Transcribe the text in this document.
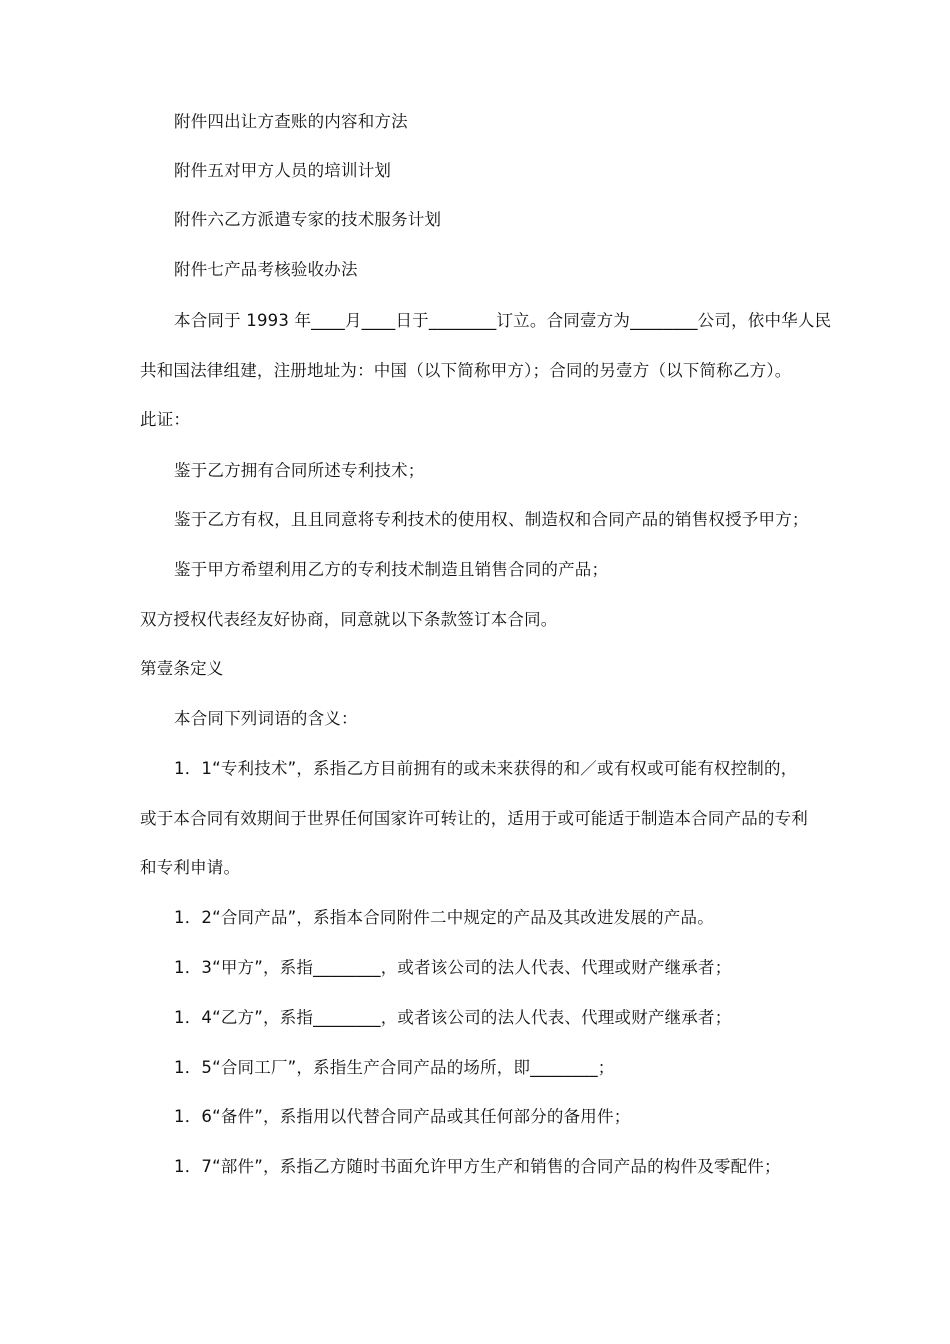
附件四出让方查账的内容和方法
附件五对甲方人员的培训计划
附件六乙方派遣专家的技术服务计划
附件七产品考核验收办法
本合同于 1993 年____月____日于________订立。合同壹方为________公司，依中华人民
共和国法律组建，注册地址为：中国（以下简称甲方）；合同的另壹方（以下简称乙方）。
此证：
鉴于乙方拥有合同所述专利技术；
鉴于乙方有权，且且同意将专利技术的使用权、制造权和合同产品的销售权授予甲方；
鉴于甲方希望利用乙方的专利技术制造且销售合同的产品；
双方授权代表经友好协商，同意就以下条款签订本合同。
第壹条定义
本合同下列词语的含义：
1．1“专利技术”，系指乙方目前拥有的或未来获得的和／或有权或可能有权控制的，
或于本合同有效期间于世界任何国家许可转让的，适用于或可能适于制造本合同产品的专利
和专利申请。
1．2“合同产品”，系指本合同附件二中规定的产品及其改进发展的产品。
1．3“甲方”，系指________，或者该公司的法人代表、代理或财产继承者；
1．4“乙方”，系指________，或者该公司的法人代表、代理或财产继承者；
1．5“合同工厂”，系指生产合同产品的场所，即________；
1．6“备件”，系指用以代替合同产品或其任何部分的备用件；
1．7“部件”，系指乙方随时书面允许甲方生产和销售的合同产品的构件及零配件；
